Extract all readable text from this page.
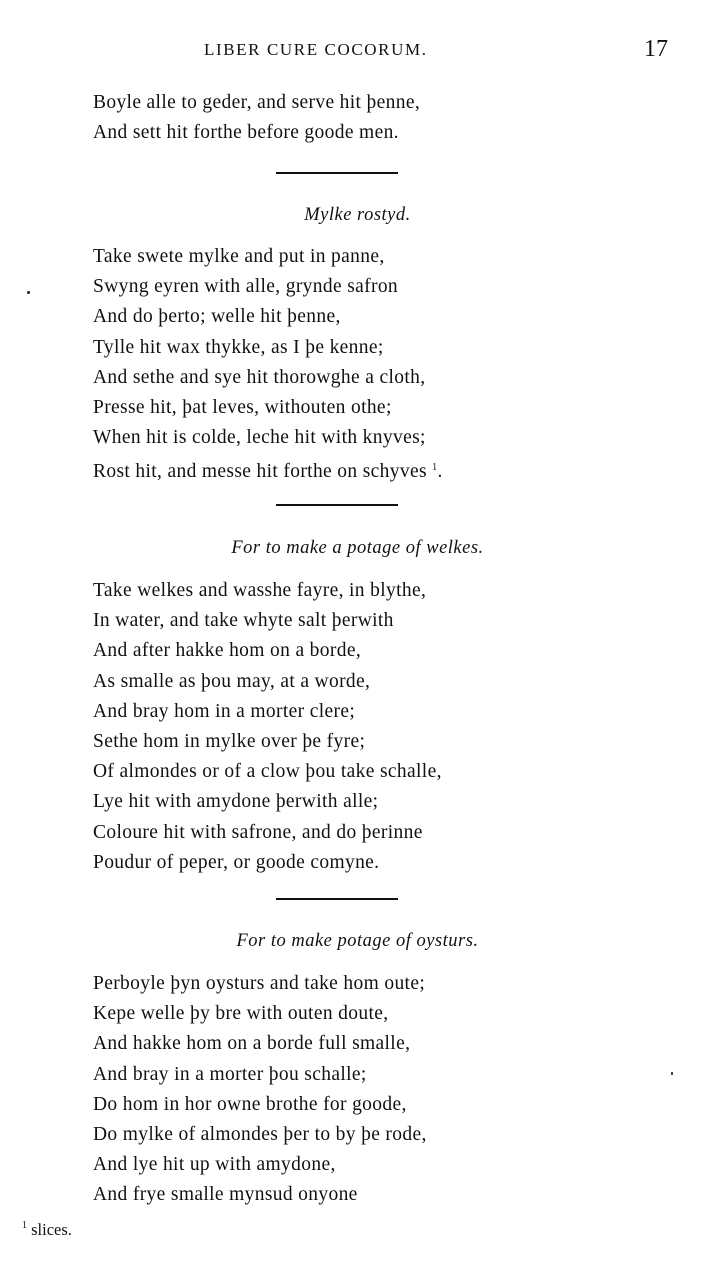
LIBER CURE COCORUM.	17
Boyle alle to geder, and serve hit þenne,
And sett hit forthe before goode men.
Mylke rostyd.
Take swete mylke and put in panne,
Swyng eyren with alle, grynde safron
And do þerto; welle hit þenne,
Tylle hit wax thykke, as I þe kenne;
And sethe and sye hit thorowghe a cloth,
Presse hit, þat leves, withouten othe;
When hit is colde, leche hit with knyves;
Rost hit, and messe hit forthe on schyves $^1$.
For to make a potage of welkes.
Take welkes and wasshe fayre, in blythe,
In water, and take whyte salt þerwith
And after hakke hom on a borde,
As smalle as þou may, at a worde,
And bray hom in a morter clere;
Sethe hom in mylke over þe fyre;
Of almondes or of a clow þou take schalle,
Lye hit with amydone þerwith alle;
Coloure hit with safrone, and do þerinne
Poudur of peper, or goode comyne.
For to make potage of oysturs.
Perboyle þyn oysturs and take hom oute;
Kepe welle þy bre with outen doute,
And hakke hom on a borde full smalle,
And bray in a morter þou schalle;
Do hom in hor owne brothe for goode,
Do mylke of almondes þer to by þe rode,
And lye hit up with amydone,
And frye smalle mynsud onyone
$^1$ slices.
